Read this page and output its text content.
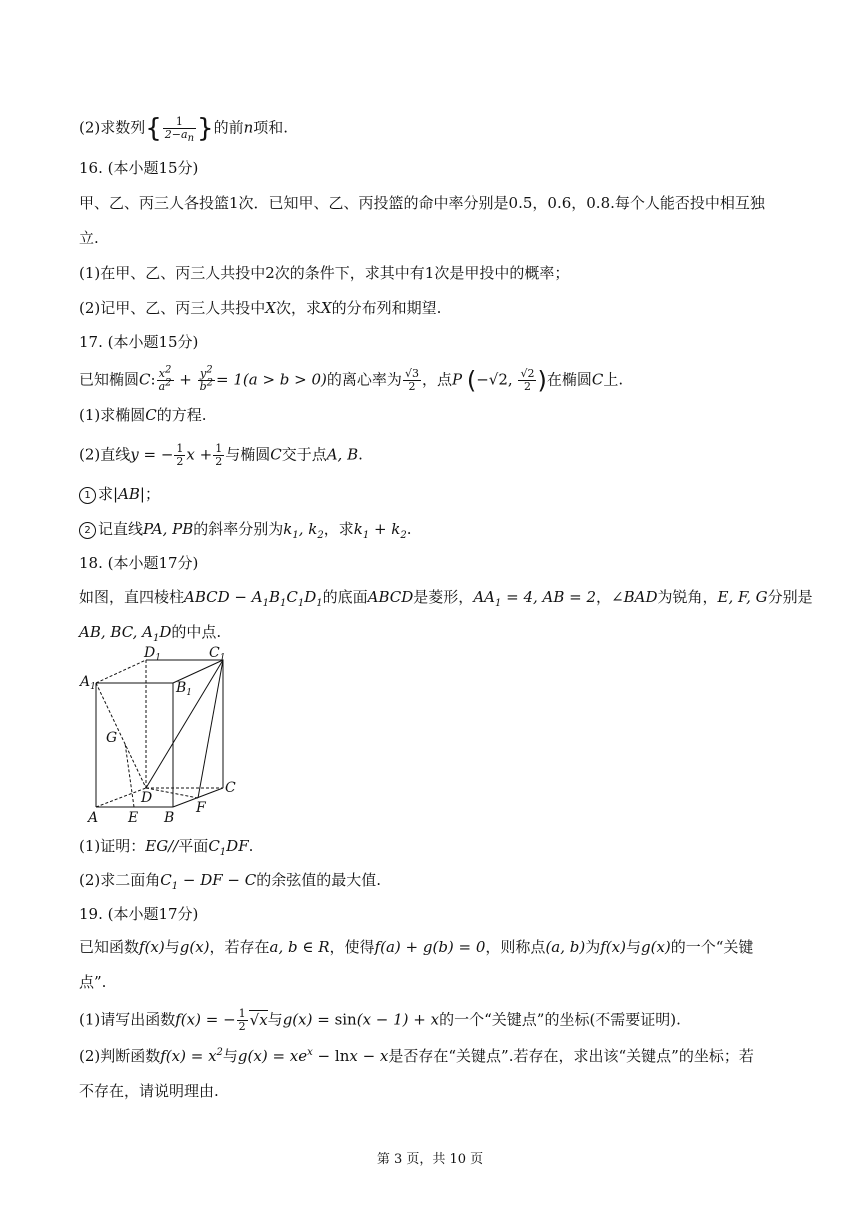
(2)求数列{ $\frac{1}{2-a_n}$ }的前n项和.
16. (本小题15分)
甲、乙、丙三人各投篮1次．已知甲、乙、丙投篮的命中率分别是0.5，0.6，0.8.每个人能否投中相互独
立.
(1)在甲、乙、丙三人共投中2次的条件下，求其中有1次是甲投中的概率；
(2)记甲、乙、丙三人共投中X次，求X的分布列和期望.
17. (本小题15分)
已知椭圆C: $\frac{x^2}{a^2} + \frac{y^2}{b^2} = 1(a > b > 0)$的离心率为 $\frac{√3}{2}$ ，点P (−√2, $\frac{√2}{2}$ )在椭圆C上.
(1)求椭圆C的方程.
(2)直线y = − $\frac{1}{2}$ $x + \frac{1}{2}$ 与椭圆C交于点A, B.
1 求|AB|；
2 记直线PA, PB的斜率分别为$k_1$, $k_2$，求$k_1 + k_2$.
18. (本小题17分)
如图，直四棱柱ABCD − $A_1B_1C_1D_1$的底面ABCD是菱形，$AA_1 = 4$, AB = 2，∠BAD为锐角，E, F, G分别是
AB, BC, $A_1D$的中点.
$A_1$	$B_1$
$C_1$
$D_1$
G
D
C
F
B
E
A
(1)证明：EG//平面$C_1DF$.
(2)求二面角$C_1$ − DF − C的余弦值的最大值.
19. (本小题17分)
已知函数f(x)与g(x)，若存在a, b ∈ R，使得f(a) + g(b) = 0，则称点(a, b)为f(x)与g(x)的一个“关键
点”.
(1)请写出函数f(x) = − $\frac{1}{2} √x$与g(x) = sin(x − 1) + x的一个“关键点”的坐标(不需要证明).
(2)判断函数$f(x) = x^2$与$g(x) = xe^x - \ln x - x$是否存在“关键点”.若存在，求出该“关键点”的坐标；若
不存在，请说明理由.
第 3 页，共 10 页
